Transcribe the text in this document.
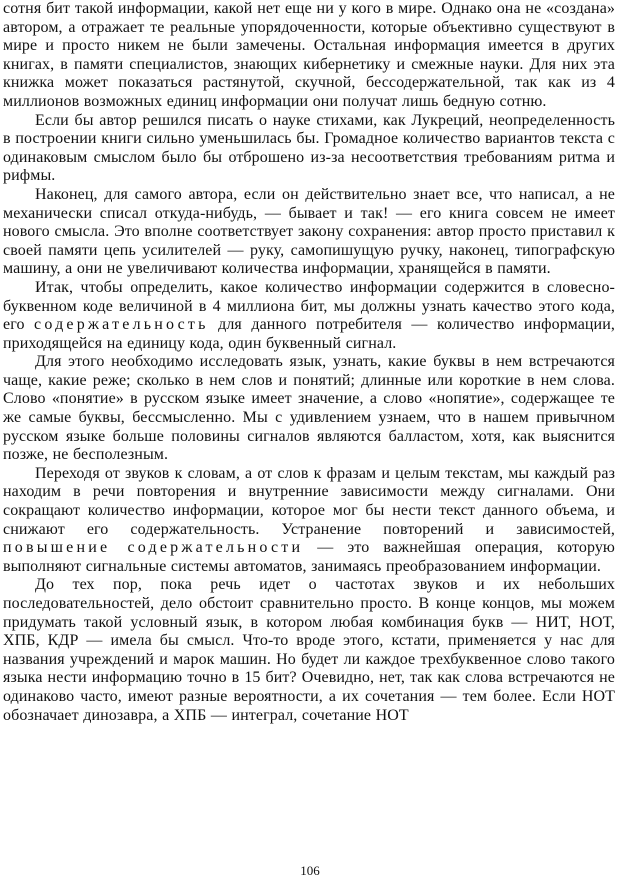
сотня бит такой информации, какой нет еще ни у кого в мире. Однако она не «создана» автором, а отражает те реальные упорядоченности, которые объективно существуют в мире и просто никем не были замечены. Остальная информация имеется в других книгах, в памяти специалистов, знающих кибернетику и смежные науки. Для них эта книжка может показаться растянутой, скучной, бессодержательной, так как из 4 миллионов возможных единиц информации они получат лишь бедную сотню.

Если бы автор решился писать о науке стихами, как Лукреций, неопределенность в построении книги сильно уменьшилась бы. Громадное количество вариантов текста с одинаковым смыслом было бы отброшено из-за несоответствия требованиям ритма и рифмы.

Наконец, для самого автора, если он действительно знает все, что написал, а не механически списал откуда-нибудь, — бывает и так! — его книга совсем не имеет нового смысла. Это вполне соответствует закону сохранения: автор просто приставил к своей памяти цепь усилителей — руку, самопишущую ручку, наконец, типографскую машину, а они не увеличивают количества информации, хранящейся в памяти.

Итак, чтобы определить, какое количество информации содержится в словесно-буквенном коде величиной в 4 миллиона бит, мы должны узнать качество этого кода, его содержательность для данного потребителя — количество информации, приходящейся на единицу кода, один буквенный сигнал.

Для этого необходимо исследовать язык, узнать, какие буквы в нем встречаются чаще, какие реже; сколько в нем слов и понятий; длинные или короткие в нем слова. Слово «понятие» в русском языке имеет значение, а слово «нопятие», содержащее те же самые буквы, бессмысленно. Мы с удивлением узнаем, что в нашем привычном русском языке больше половины сигналов являются балластом, хотя, как выяснится позже, не бесполезным.

Переходя от звуков к словам, а от слов к фразам и целым текстам, мы каждый раз находим в речи повторения и внутренние зависимости между сигналами. Они сокращают количество информации, которое мог бы нести текст данного объема, и снижают его содержательность. Устранение повторений и зависимостей, повышение содержательности — это важнейшая операция, которую выполняют сигнальные системы автоматов, занимаясь преобразованием информации.

До тех пор, пока речь идет о частотах звуков и их небольших последовательностей, дело обстоит сравнительно просто. В конце концов, мы можем придумать такой условный язык, в котором любая комбинация букв — НИТ, НОТ, ХПБ, КДР — имела бы смысл. Что-то вроде этого, кстати, применяется у нас для названия учреждений и марок машин. Но будет ли каждое трехбуквенное слово такого языка нести информацию точно в 15 бит? Очевидно, нет, так как слова встречаются не одинаково часто, имеют разные вероятности, а их сочетания — тем более. Если НОТ обозначает динозавра, а ХПБ — интеграл, сочетание НОТ

106
